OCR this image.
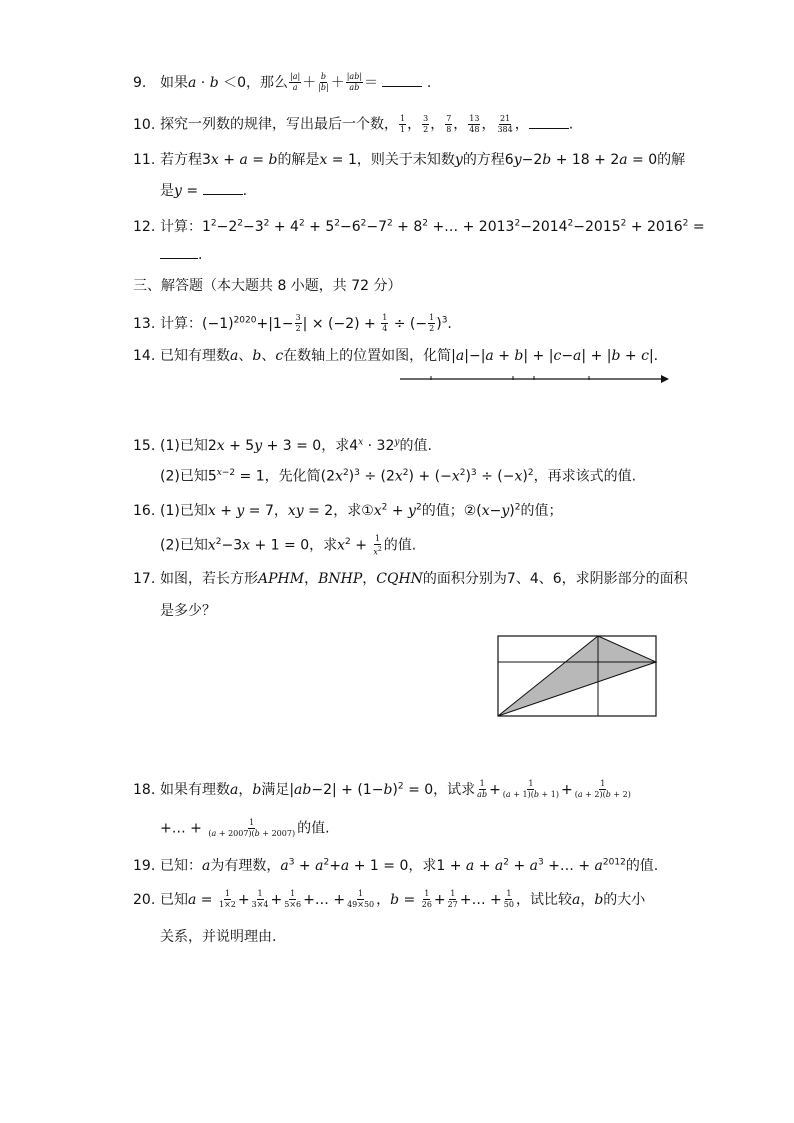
9. 如果a · b ＜0，那么 $\frac{|a|}{a} + \frac{b}{|b|} + \frac{|ab|}{ab}$ ＝	.
10. 探究一列数的规律，写出最后一个数， $\frac{1}{1}$ ， $\frac{3}{2}$ ， $\frac{7}{8}$ ， $\frac{13}{48}$ ， $\frac{21}{384}$ ，	.
11. 若方程3x + a = b的解是x = 1，则关于未知数y的方程6y−2b + 18 + 2a = 0的解
是y =	.
12. 计算：$1^2-2^2-3^2 + 4^2 + 5^2-6^2-7^2 + 8^2$ +… + $2013^2-2014^2-2015^2 + 2016^2$ =
.
三、解答题（本大题共 8 小题，共 72 分）
13. 计算：$(-1)^{2020}+|1- \frac{3}{2}$ | × $(-2) + \frac{1}{4}$ ÷ (− $\frac{1}{2} )^3$.
14. 已知有理数a、b、c在数轴上的位置如图，化简|a|−|a + b| + |c−a| + |b + c|.
15. (1)已知2x + 5y + 3 = 0，求$4^x \cdot 32^y$的值.
(2)已知$5^{x-2} = 1$，先化简$(2x^2)^3 \div (2x^2) + (-x^2)^3 \div (-x)^2$，再求该式的值.
16. (1)已知x + y = 7，xy = 2，求$①x^2 + y^2$的值；$②(x-y)^2$的值；
(2)已知$x^2-3x + 1 = 0$，求$x^2 + \frac{1}{x^2}$ 的值.
17. 如图，若长方形APHM，BNHP，CQHN的面积分别为7、4、6，求阴影部分的面积
是多少？
18. 如果有理数a，b满足$|ab-2| + (1-b)^2 = 0$，试求 $\frac{1}{ab} + \frac{1}{(a + 1)(b + 1)} + \frac{1}{(a + 2)(b + 2)}$
+… + $\frac{1}{(a + 2007)(b + 2007)}$ 的值.
19. 已知：a为有理数，$a^3 + a^2+a + 1 = 0$，求$1 + a + a^2 + a^3$ +… + $a^{2012}$的值.
20. 已知$a = \frac{1}{1\times 2} + \frac{1}{3\times 4} + \frac{1}{5\times 6}$ +… + $\frac{1}{49\times 50}$ ，$b = \frac{1}{26} + \frac{1}{27}$ +… + $\frac{1}{50}$ ，试比较a，b的大小
关系，并说明理由.
